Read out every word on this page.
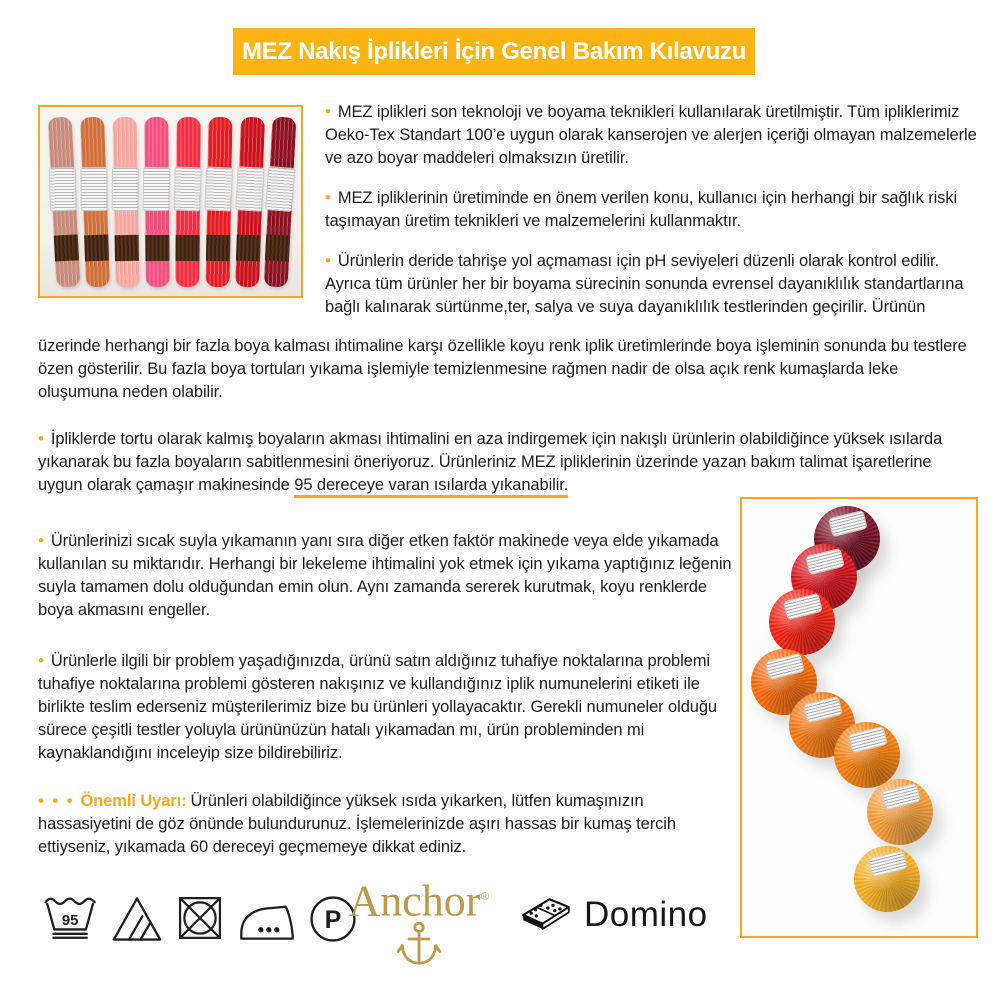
MEZ Nakış İplikleri İçin Genel Bakım Kılavuzu

• MEZ iplikleri son teknoloji ve boyama teknikleri kullanılarak üretilmiştir. Tüm ipliklerimiz Oeko-Tex Standart 100’e uygun olarak kanserojen ve alerjen içeriği olmayan malzemelerle ve azo boyar maddeleri olmaksızın üretilir.

• MEZ ipliklerinin üretiminde en önem verilen konu, kullanıcı için herhangi bir sağlık riski taşımayan üretim teknikleri ve malzemelerini kullanmaktır.

• Ürünlerin deride tahrişe yol açmaması için pH seviyeleri düzenli olarak kontrol edilir. Ayrıca tüm ürünler her bir boyama sürecinin sonunda evrensel dayanıklılık standartlarına bağlı kalınarak sürtünme,ter, salya ve suya dayanıklılık testlerinden geçirilir. Ürünün

üzerinde herhangi bir fazla boya kalması ihtimaline karşı özellikle koyu renk iplik üretimlerinde boya işleminin sonunda bu testlere özen gösterilir. Bu fazla boya tortuları yıkama işlemiyle temizlenmesine rağmen nadir de olsa açık renk kumaşlarda leke oluşumuna neden olabilir.

• İpliklerde tortu olarak kalmış boyaların akması ihtimalini en aza indirgemek için nakışlı ürünlerin olabildiğince yüksek ısılarda yıkanarak bu fazla boyaların sabitlenmesini öneriyoruz. Ürünleriniz MEZ ipliklerinin üzerinde yazan bakım talimat işaretlerine uygun olarak çamaşır makinesinde 95 dereceye varan ısılarda yıkanabilir.

• Ürünlerinizi sıcak suyla yıkamanın yanı sıra diğer etken faktör makinede veya elde yıkamada kullanılan su miktarıdır. Herhangi bir lekeleme ihtimalini yok etmek için yıkama yaptığınız leğenin suyla tamamen dolu olduğundan emin olun. Aynı zamanda sererek kurutmak, koyu renklerde boya akmasını engeller.

• Ürünlerle ilgili bir problem yaşadığınızda, ürünü satın aldığınız tuhafiye noktalarına problemi tuhafiye noktalarına problemi gösteren nakışınız ve kullandığınız iplik numunelerini etiketi ile birlikte teslim ederseniz müşterilerimiz bize bu ürünleri yollayacaktır. Gerekli numuneler olduğu sürece çeşitli testler yoluyla ürününüzün hatalı yıkamadan mı, ürün probleminden mi kaynaklandığını inceleyip size bildirebiliriz.

• • • Önemli Uyarı: Ürünleri olabildiğince yüksek ısıda yıkarken, lütfen kumaşınızın hassasiyetini de göz önünde bulundurunuz. İşlemelerinizde aşırı hassas bir kumaş tercih ettiyseniz, yıkamada 60 dereceyi geçmemeye dikkat ediniz.

95	P Anchor®	Domino
